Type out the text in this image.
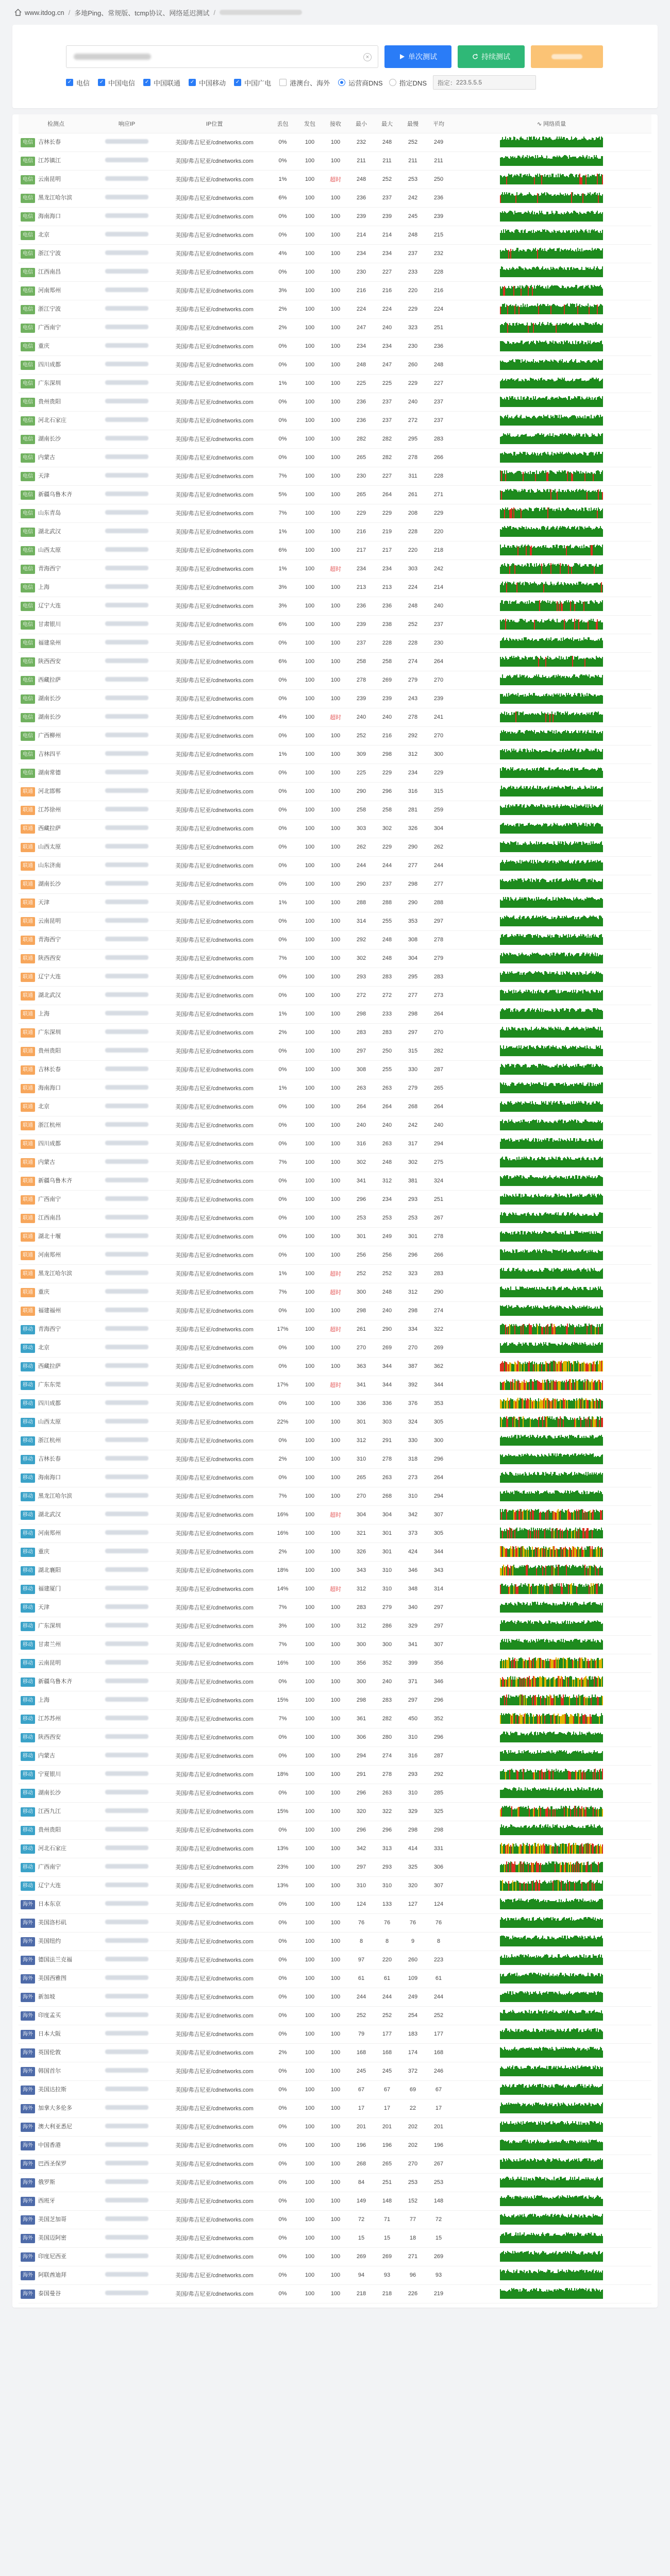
www.itdog.cn / 多地Ping、常规版、tcmp协议、网络延迟测试 /
×	单次测试	持续测试
✓ 电信 ✓ 中国电信 ✓ 中国联通 ✓ 中国移动 ✓ 中国广电	港澳台、海外	运营商DNS 指定DNS 指定： 223.5.5.5
检测点	响应IP	IP位置	丢包	发包	接收	最小	最大	最慢	平均	∿ 网络质量
电信 吉林长春		美国/弗吉尼亚/cdnetworks.com	0%	100	100	232	248	252	249	
电信 江苏镇江		美国/弗吉尼亚/cdnetworks.com	0%	100	100	211	211	211	211	
电信 云南昆明		美国/弗吉尼亚/cdnetworks.com	1%	100	超时	248	252	253	250	
电信 黑龙江哈尔滨		美国/弗吉尼亚/cdnetworks.com	6%	100	100	236	237	242	236	
电信 海南海口		美国/弗吉尼亚/cdnetworks.com	0%	100	100	239	239	245	239	
电信 北京		美国/弗吉尼亚/cdnetworks.com	0%	100	100	214	214	248	215	
电信 浙江宁波		美国/弗吉尼亚/cdnetworks.com	4%	100	100	234	234	237	232	
电信 江西南昌		美国/弗吉尼亚/cdnetworks.com	0%	100	100	230	227	233	228	
电信 河南郑州		美国/弗吉尼亚/cdnetworks.com	3%	100	100	216	216	220	216	
电信 浙江宁波		美国/弗吉尼亚/cdnetworks.com	2%	100	100	224	224	229	224	
电信 广西南宁		美国/弗吉尼亚/cdnetworks.com	2%	100	100	247	240	323	251	
电信 重庆		美国/弗吉尼亚/cdnetworks.com	0%	100	100	234	234	230	236	
电信 四川成都		美国/弗吉尼亚/cdnetworks.com	0%	100	100	248	247	260	248	
电信 广东深圳		美国/弗吉尼亚/cdnetworks.com	1%	100	100	225	225	229	227	
电信 贵州贵阳		美国/弗吉尼亚/cdnetworks.com	0%	100	100	236	237	240	237	
电信 河北石家庄		美国/弗吉尼亚/cdnetworks.com	0%	100	100	236	237	272	237	
电信 湖南长沙		美国/弗吉尼亚/cdnetworks.com	0%	100	100	282	282	295	283	
电信 内蒙古		美国/弗吉尼亚/cdnetworks.com	0%	100	100	265	282	278	266	
电信 天津		美国/弗吉尼亚/cdnetworks.com	7%	100	100	230	227	311	228	
电信 新疆乌鲁木齐		美国/弗吉尼亚/cdnetworks.com	5%	100	100	265	264	261	271	
电信 山东青岛		美国/弗吉尼亚/cdnetworks.com	7%	100	100	229	229	208	229	
电信 湖北武汉		美国/弗吉尼亚/cdnetworks.com	1%	100	100	216	219	228	220	
电信 山西太原		美国/弗吉尼亚/cdnetworks.com	6%	100	100	217	217	220	218	
电信 青海西宁		美国/弗吉尼亚/cdnetworks.com	1%	100	超时	234	234	303	242	
电信 上海		美国/弗吉尼亚/cdnetworks.com	3%	100	100	213	213	224	214	
电信 辽宁大连		美国/弗吉尼亚/cdnetworks.com	3%	100	100	236	236	248	240	
电信 甘肃银川		美国/弗吉尼亚/cdnetworks.com	6%	100	100	239	238	252	237	
电信 福建泉州		美国/弗吉尼亚/cdnetworks.com	0%	100	100	237	228	228	230	
电信 陕西西安		美国/弗吉尼亚/cdnetworks.com	6%	100	100	258	258	274	264	
电信 西藏拉萨		美国/弗吉尼亚/cdnetworks.com	0%	100	100	278	269	279	270	
电信 湖南长沙		美国/弗吉尼亚/cdnetworks.com	0%	100	100	239	239	243	239	
电信 湖南长沙		美国/弗吉尼亚/cdnetworks.com	4%	100	超时	240	240	278	241	
电信 广西柳州		美国/弗吉尼亚/cdnetworks.com	0%	100	100	252	216	292	270	
电信 吉林四平		美国/弗吉尼亚/cdnetworks.com	1%	100	100	309	298	312	300	
电信 湖南常德		美国/弗吉尼亚/cdnetworks.com	0%	100	100	225	229	234	229	
联通 河北邯郸		美国/弗吉尼亚/cdnetworks.com	0%	100	100	290	296	316	315	
联通 江苏徐州		美国/弗吉尼亚/cdnetworks.com	0%	100	100	258	258	281	259	
联通 西藏拉萨		美国/弗吉尼亚/cdnetworks.com	0%	100	100	303	302	326	304	
联通 山西太原		美国/弗吉尼亚/cdnetworks.com	0%	100	100	262	229	290	262	
联通 山东济南		美国/弗吉尼亚/cdnetworks.com	0%	100	100	244	244	277	244	
联通 湖南长沙		美国/弗吉尼亚/cdnetworks.com	0%	100	100	290	237	298	277	
联通 天津		美国/弗吉尼亚/cdnetworks.com	1%	100	100	288	288	290	288	
联通 云南昆明		美国/弗吉尼亚/cdnetworks.com	0%	100	100	314	255	353	297	
联通 青海西宁		美国/弗吉尼亚/cdnetworks.com	0%	100	100	292	248	308	278	
联通 陕西西安		美国/弗吉尼亚/cdnetworks.com	7%	100	100	302	248	304	279	
联通 辽宁大连		美国/弗吉尼亚/cdnetworks.com	0%	100	100	293	283	295	283	
联通 湖北武汉		美国/弗吉尼亚/cdnetworks.com	0%	100	100	272	272	277	273	
联通 上海		美国/弗吉尼亚/cdnetworks.com	1%	100	100	298	233	298	264	
联通 广东深圳		美国/弗吉尼亚/cdnetworks.com	2%	100	100	283	283	297	270	
联通 贵州贵阳		美国/弗吉尼亚/cdnetworks.com	0%	100	100	297	250	315	282	
联通 吉林长春		美国/弗吉尼亚/cdnetworks.com	0%	100	100	308	255	330	287	
联通 海南海口		美国/弗吉尼亚/cdnetworks.com	1%	100	100	263	263	279	265	
联通 北京		美国/弗吉尼亚/cdnetworks.com	0%	100	100	264	264	268	264	
联通 浙江杭州		美国/弗吉尼亚/cdnetworks.com	0%	100	100	240	240	242	240	
联通 四川成都		美国/弗吉尼亚/cdnetworks.com	0%	100	100	316	263	317	294	
联通 内蒙古		美国/弗吉尼亚/cdnetworks.com	7%	100	100	302	248	302	275	
联通 新疆乌鲁木齐		美国/弗吉尼亚/cdnetworks.com	0%	100	100	341	312	381	324	
联通 广西南宁		美国/弗吉尼亚/cdnetworks.com	0%	100	100	296	234	293	251	
联通 江西南昌		美国/弗吉尼亚/cdnetworks.com	0%	100	100	253	253	253	267	
联通 湖北十堰		美国/弗吉尼亚/cdnetworks.com	0%	100	100	301	249	301	278	
联通 河南郑州		美国/弗吉尼亚/cdnetworks.com	0%	100	100	256	256	296	266	
联通 黑龙江哈尔滨		美国/弗吉尼亚/cdnetworks.com	1%	100	超时	252	252	323	283	
联通 重庆		美国/弗吉尼亚/cdnetworks.com	7%	100	超时	300	248	312	290	
联通 福建福州		美国/弗吉尼亚/cdnetworks.com	0%	100	100	298	240	298	274	
移动 青海西宁		美国/弗吉尼亚/cdnetworks.com	17%	100	超时	261	290	334	322	
移动 北京		美国/弗吉尼亚/cdnetworks.com	0%	100	100	270	269	270	269	
移动 西藏拉萨		美国/弗吉尼亚/cdnetworks.com	0%	100	100	363	344	387	362	
移动 广东东莞		美国/弗吉尼亚/cdnetworks.com	17%	100	超时	341	344	392	344	
移动 四川成都		美国/弗吉尼亚/cdnetworks.com	0%	100	100	336	336	376	353	
移动 山西太原		美国/弗吉尼亚/cdnetworks.com	22%	100	100	301	303	324	305	
移动 浙江杭州		美国/弗吉尼亚/cdnetworks.com	0%	100	100	312	291	330	300	
移动 吉林长春		美国/弗吉尼亚/cdnetworks.com	2%	100	100	310	278	318	296	
移动 海南海口		美国/弗吉尼亚/cdnetworks.com	0%	100	100	265	263	273	264	
移动 黑龙江哈尔滨		美国/弗吉尼亚/cdnetworks.com	7%	100	100	270	268	310	294	
移动 湖北武汉		美国/弗吉尼亚/cdnetworks.com	16%	100	超时	304	304	342	307	
移动 河南郑州		美国/弗吉尼亚/cdnetworks.com	16%	100	100	321	301	373	305	
移动 重庆		美国/弗吉尼亚/cdnetworks.com	2%	100	100	326	301	424	344	
移动 湖北襄阳		美国/弗吉尼亚/cdnetworks.com	18%	100	100	343	310	346	343	
移动 福建厦门		美国/弗吉尼亚/cdnetworks.com	14%	100	超时	312	310	348	314	
移动 天津		美国/弗吉尼亚/cdnetworks.com	7%	100	100	283	279	340	297	
移动 广东深圳		美国/弗吉尼亚/cdnetworks.com	3%	100	100	312	286	329	297	
移动 甘肃兰州		美国/弗吉尼亚/cdnetworks.com	7%	100	100	300	300	341	307	
移动 云南昆明		美国/弗吉尼亚/cdnetworks.com	16%	100	100	356	352	399	356	
移动 新疆乌鲁木齐		美国/弗吉尼亚/cdnetworks.com	0%	100	100	300	240	371	346	
移动 上海		美国/弗吉尼亚/cdnetworks.com	15%	100	100	298	283	297	296	
移动 江苏苏州		美国/弗吉尼亚/cdnetworks.com	7%	100	100	361	282	450	352	
移动 陕西西安		美国/弗吉尼亚/cdnetworks.com	0%	100	100	306	280	310	296	
移动 内蒙古		美国/弗吉尼亚/cdnetworks.com	0%	100	100	294	274	316	287	
移动 宁夏银川		美国/弗吉尼亚/cdnetworks.com	18%	100	100	291	278	293	292	
移动 湖南长沙		美国/弗吉尼亚/cdnetworks.com	0%	100	100	296	263	310	285	
移动 江西九江		美国/弗吉尼亚/cdnetworks.com	15%	100	100	320	322	329	325	
移动 贵州贵阳		美国/弗吉尼亚/cdnetworks.com	0%	100	100	296	296	298	298	
移动 河北石家庄		美国/弗吉尼亚/cdnetworks.com	13%	100	100	342	313	414	331	
移动 广西南宁		美国/弗吉尼亚/cdnetworks.com	23%	100	100	297	293	325	306	
移动 辽宁大连		美国/弗吉尼亚/cdnetworks.com	13%	100	100	310	310	320	307	
海外 日本东京		美国/弗吉尼亚/cdnetworks.com	0%	100	100	124	133	127	124	
海外 美国洛杉矶		美国/弗吉尼亚/cdnetworks.com	0%	100	100	76	76	76	76	
海外 美国纽约		美国/弗吉尼亚/cdnetworks.com	0%	100	100	8	8	9	8	
海外 德国法兰克福		美国/弗吉尼亚/cdnetworks.com	0%	100	100	97	220	260	223	
海外 美国西雅图		美国/弗吉尼亚/cdnetworks.com	0%	100	100	61	61	109	61	
海外 新加坡		美国/弗吉尼亚/cdnetworks.com	0%	100	100	244	244	249	244	
海外 印度孟买		美国/弗吉尼亚/cdnetworks.com	0%	100	100	252	252	254	252	
海外 日本大阪		美国/弗吉尼亚/cdnetworks.com	0%	100	100	79	177	183	177	
海外 英国伦敦		美国/弗吉尼亚/cdnetworks.com	2%	100	100	168	168	174	168	
海外 韩国首尔		美国/弗吉尼亚/cdnetworks.com	0%	100	100	245	245	372	246	
海外 美国达拉斯		美国/弗吉尼亚/cdnetworks.com	0%	100	100	67	67	69	67	
海外 加拿大多伦多		美国/弗吉尼亚/cdnetworks.com	0%	100	100	17	17	22	17	
海外 澳大利亚悉尼		美国/弗吉尼亚/cdnetworks.com	0%	100	100	201	201	202	201	
海外 中国香港		美国/弗吉尼亚/cdnetworks.com	0%	100	100	196	196	202	196	
海外 巴西圣保罗		美国/弗吉尼亚/cdnetworks.com	0%	100	100	268	265	270	267	
海外 俄罗斯		美国/弗吉尼亚/cdnetworks.com	0%	100	100	84	251	253	253	
海外 西班牙		美国/弗吉尼亚/cdnetworks.com	0%	100	100	149	148	152	148	
海外 美国芝加哥		美国/弗吉尼亚/cdnetworks.com	0%	100	100	72	71	77	72	
海外 美国迈阿密		美国/弗吉尼亚/cdnetworks.com	0%	100	100	15	15	18	15	
海外 印度尼西亚		美国/弗吉尼亚/cdnetworks.com	0%	100	100	269	269	271	269	
海外 阿联酋迪拜		美国/弗吉尼亚/cdnetworks.com	0%	100	100	94	93	96	93	
海外 泰国曼谷		美国/弗吉尼亚/cdnetworks.com	0%	100	100	218	218	226	219	
